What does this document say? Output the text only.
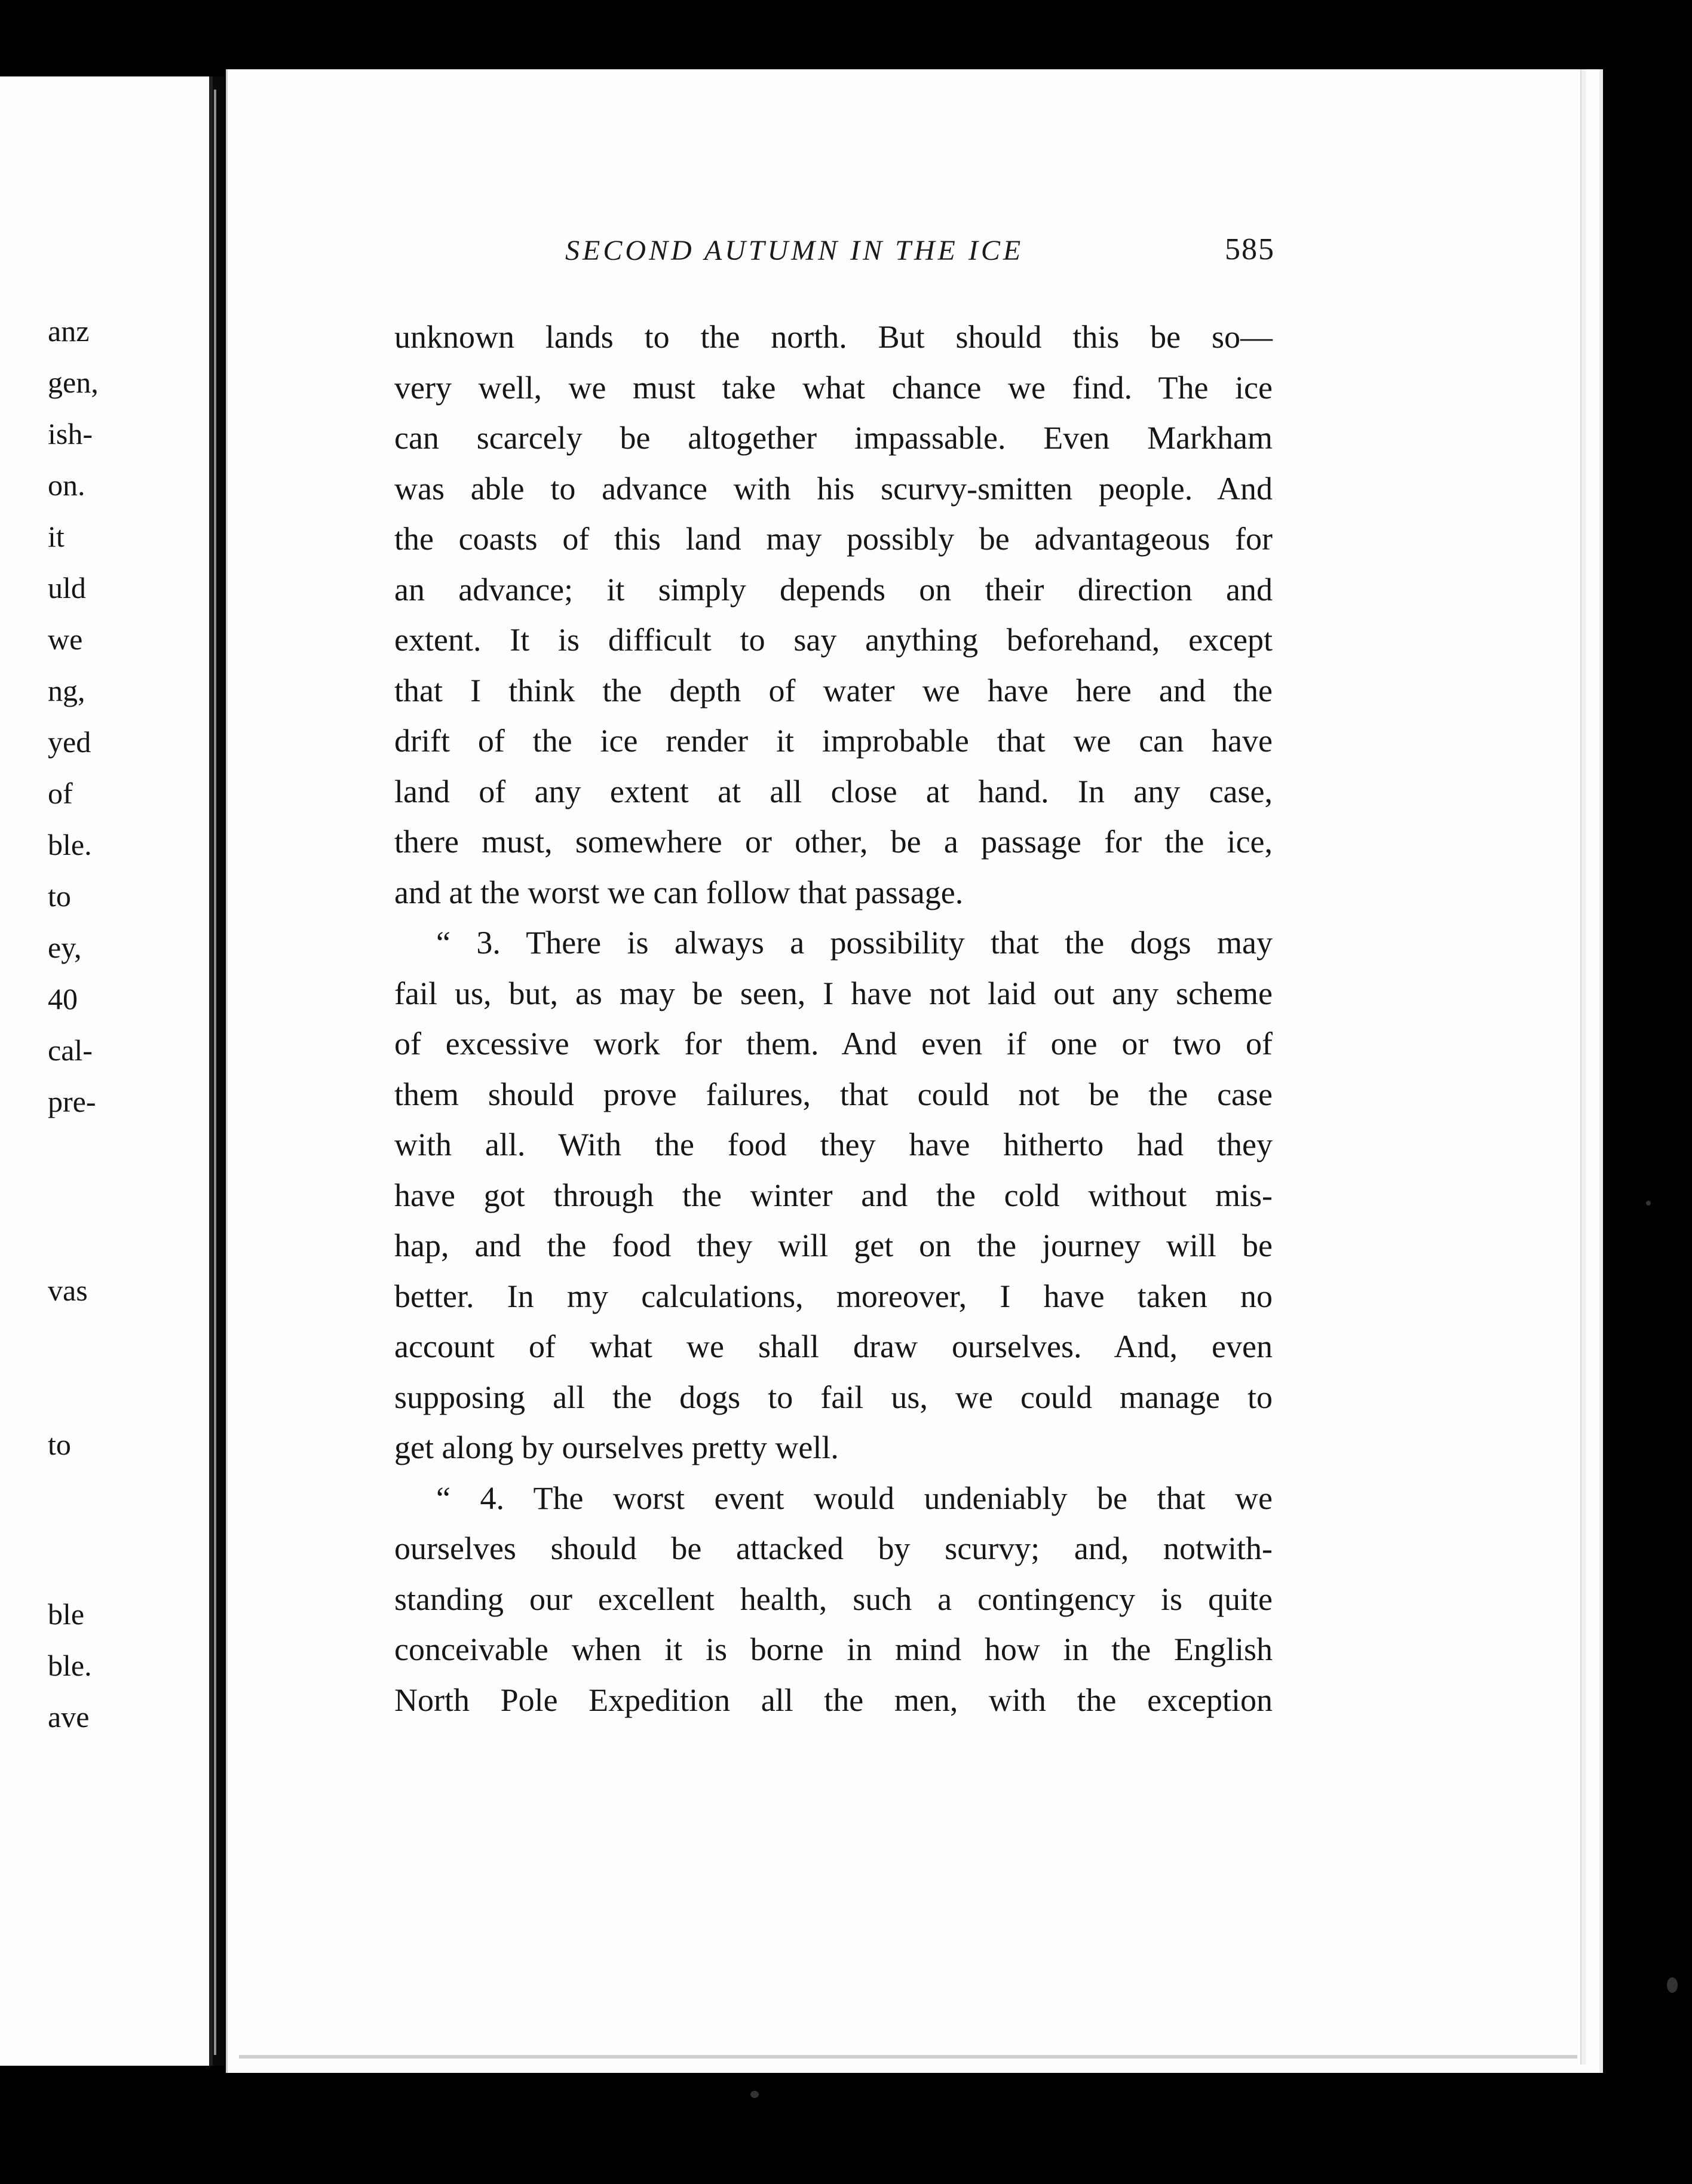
anz
gen,
ish-
on.
it
uld
we
ng,
yed
of
ble.
to
ey,
40
cal-
pre-
vas
to
ble
ble.
ave
SECOND AUTUMN IN THE ICE	585
unknown lands to the north. But should this be so—
very well, we must take what chance we find. The ice
can scarcely be altogether impassable. Even Markham
was able to advance with his scurvy-smitten people. And
the coasts of this land may possibly be advantageous for
an advance; it simply depends on their direction and
extent. It is difficult to say anything beforehand, except
that I think the depth of water we have here and the
drift of the ice render it improbable that we can have
land of any extent at all close at hand. In any case,
there must, somewhere or other, be a passage for the ice,
and at the worst we can follow that passage.
“ 3. There is always a possibility that the dogs may
fail us, but, as may be seen, I have not laid out any scheme
of excessive work for them. And even if one or two of
them should prove failures, that could not be the case
with all. With the food they have hitherto had they
have got through the winter and the cold without mis-
hap, and the food they will get on the journey will be
better. In my calculations, moreover, I have taken no
account of what we shall draw ourselves. And, even
supposing all the dogs to fail us, we could manage to
get along by ourselves pretty well.
“ 4. The worst event would undeniably be that we
ourselves should be attacked by scurvy; and, notwith-
standing our excellent health, such a contingency is quite
conceivable when it is borne in mind how in the English
North Pole Expedition all the men, with the exception
